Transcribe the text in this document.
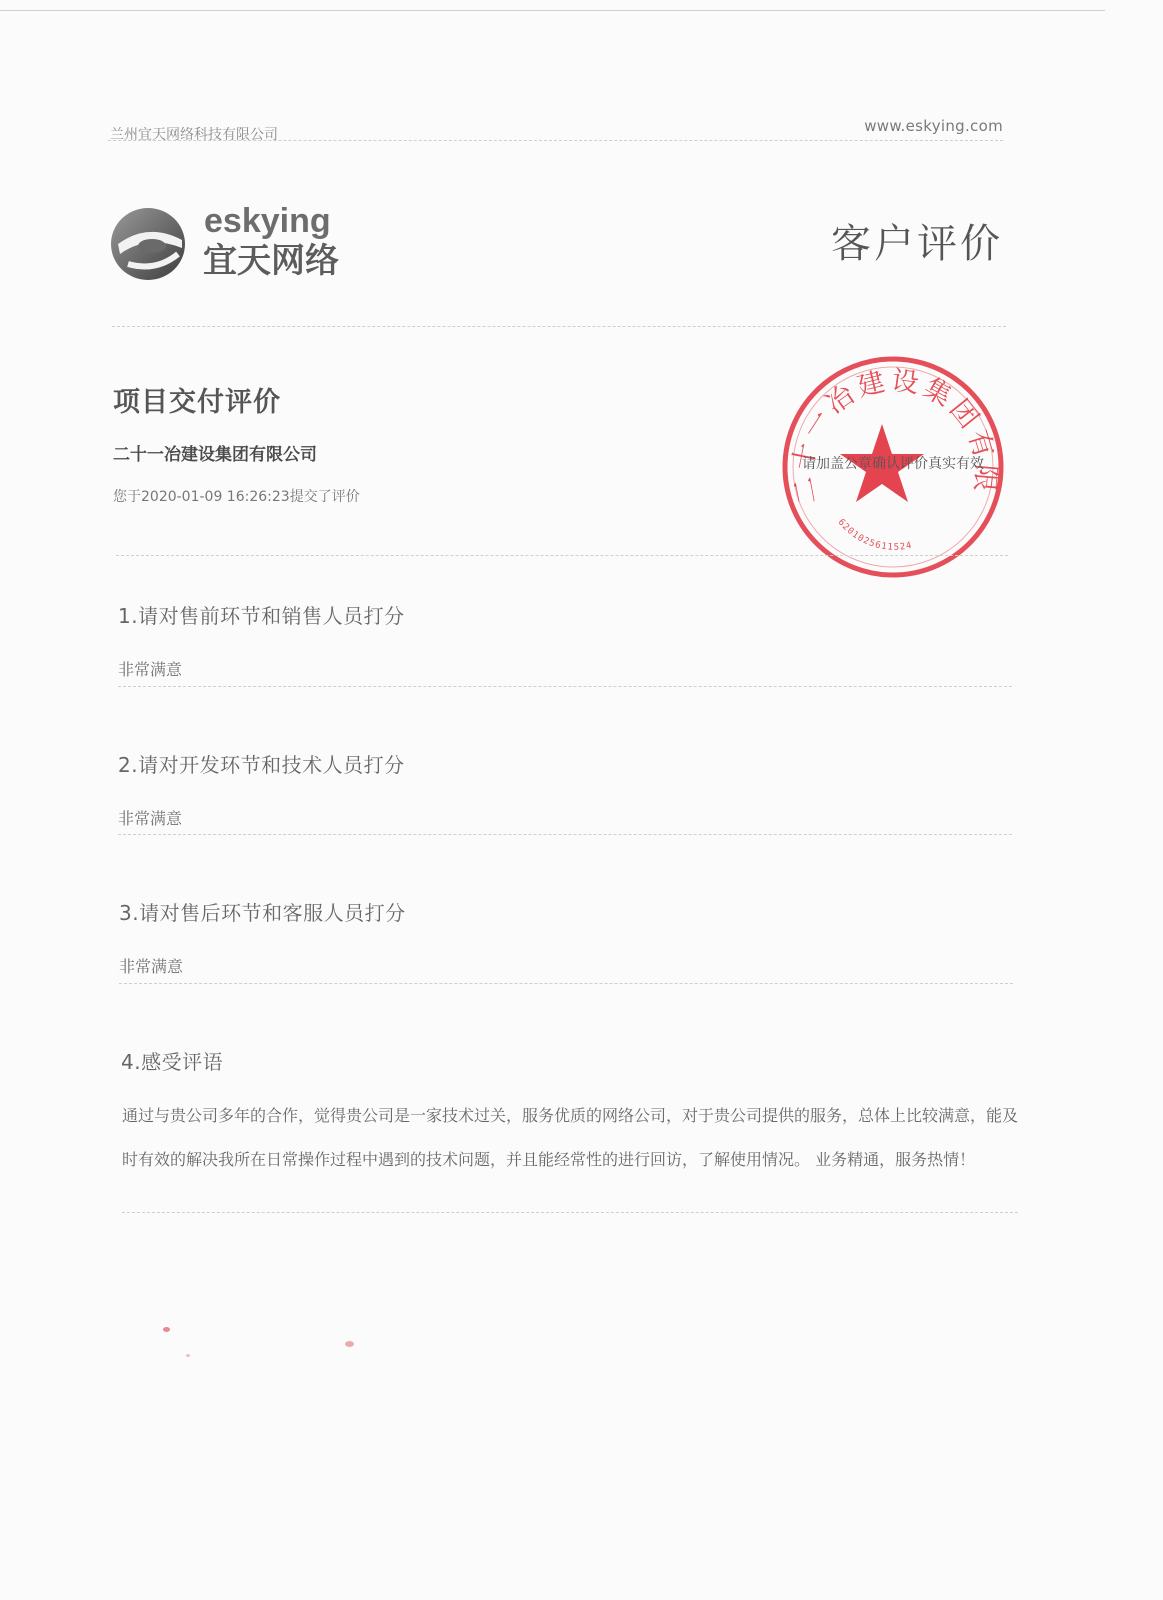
兰州宜天网络科技有限公司	www.eskying.com
eskying
宜天网络	客户评价
项目交付评价
二十一冶建设集团有限公司
您于2020-01-09 16:26:23提交了评价	二十一冶建设集团有限
6201025611524
请加盖公章确认评价真实有效
1.请对售前环节和销售人员打分
非常满意
2.请对开发环节和技术人员打分
非常满意
3.请对售后环节和客服人员打分
非常满意
4.感受评语
通过与贵公司多年的合作，觉得贵公司是一家技术过关，服务优质的网络公司，对于贵公司提供的服务，总体上比较满意，能及时有效的解决我所在日常操作过程中遇到的技术问题，并且能经常性的进行回访，了解使用情况。 业务精通，服务热情！
